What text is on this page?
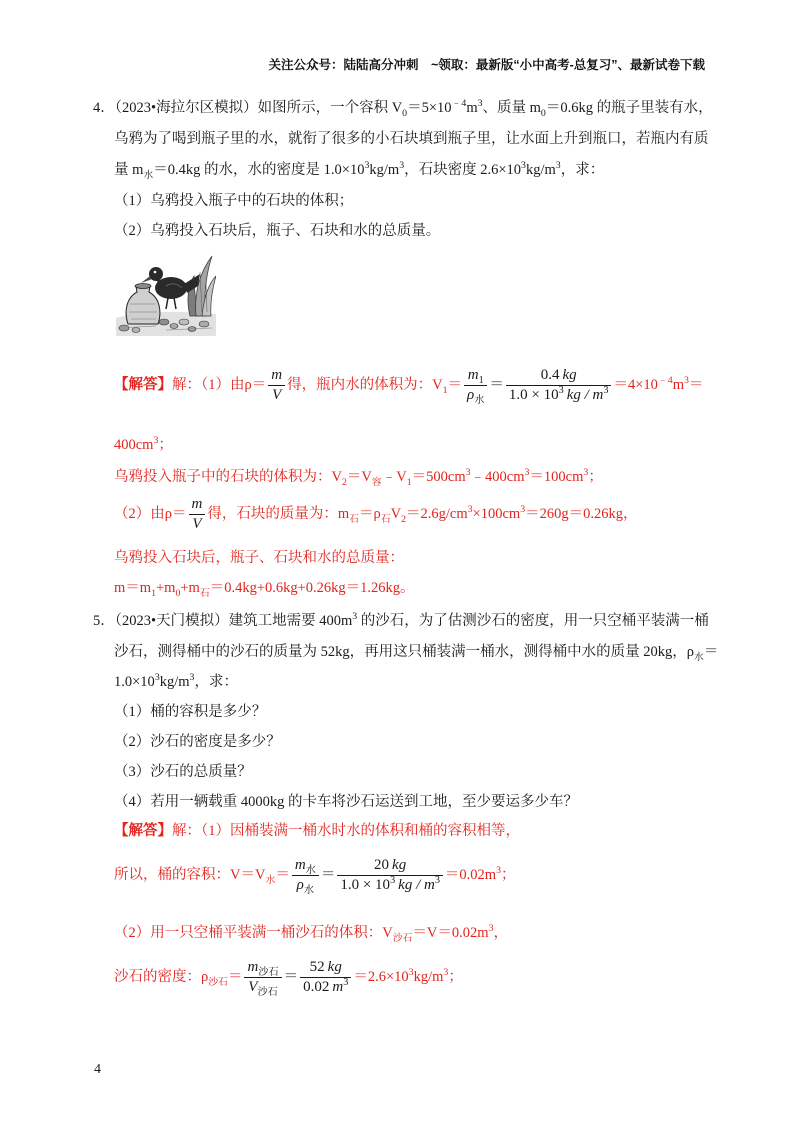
关注公众号：陆陆高分冲刺　~领取：最新版“小中高考-总复习”、最新试卷下载
4．（2023•海拉尔区模拟）如图所示，一个容积 $V_0=5\times 10^{﹣4}m^3$、质量 $m_0=0.6kg$ 的瓶子里装有水，
乌鸦为了喝到瓶子里的水，就衔了很多的小石块填到瓶子里，让水面上升到瓶口，若瓶内有质
量 $m_水=0.4kg$ 的水，水的密度是 $1.0\times 10^3kg/m^3$，石块密度 $2.6\times 10^3kg/m^3$，求：
（1）乌鸦投入瓶子中的石块的体积；
（2）乌鸦投入石块后，瓶子、石块和水的总质量。
【解答】解：（1）由$\rho= \frac{m}{V}$ 得，瓶内水的体积为：$V_1= \frac{m_1}{\rho_水} = \frac{0.4 kg}{1.0 \times 10^3 kg / m^3} =4\times 10^{﹣4}m^3=$
$400cm^3$；
乌鸦投入瓶子中的石块的体积为：$V_2=V_容﹣V_1=500cm^3﹣400cm^3=100cm^3$；
（2）由$\rho= \frac{m}{V}$ 得，石块的质量为：$m_石=\rho_石V_2=2.6g/cm^3\times 100cm^3=260g=0.26kg$，
乌鸦投入石块后，瓶子、石块和水的总质量：
$m=m_1+m_0+m_石=0.4kg+0.6kg+0.26kg=1.26kg$。
5．（2023•天门模拟）建筑工地需要 $400m^3$ 的沙石，为了估测沙石的密度，用一只空桶平装满一桶
沙石，测得桶中的沙石的质量为 52kg，再用这只桶装满一桶水，测得桶中水的质量 20kg，$\rho_水=$
$1.0\times 10^3kg/m^3$，求：
（1）桶的容积是多少？
（2）沙石的密度是多少？
（3）沙石的总质量？
（4）若用一辆载重 4000kg 的卡车将沙石运送到工地，至少要运多少车？
【解答】解：（1）因桶装满一桶水时水的体积和桶的容积相等，
所以，桶的容积：$V=V_水= \frac{m_水}{\rho_水} = \frac{20 kg}{1.0 \times 10^3 kg / m^3} =0.02m^3$；
（2）用一只空桶平装满一桶沙石的体积：$V_{沙石}=V=0.02m^3$，
沙石的密度：$\rho_{沙石}= \frac{m_{沙石}}{V_{沙石}} = \frac{52 kg}{0.02 m^3} =2.6\times 10^3kg/m^3$；
4
